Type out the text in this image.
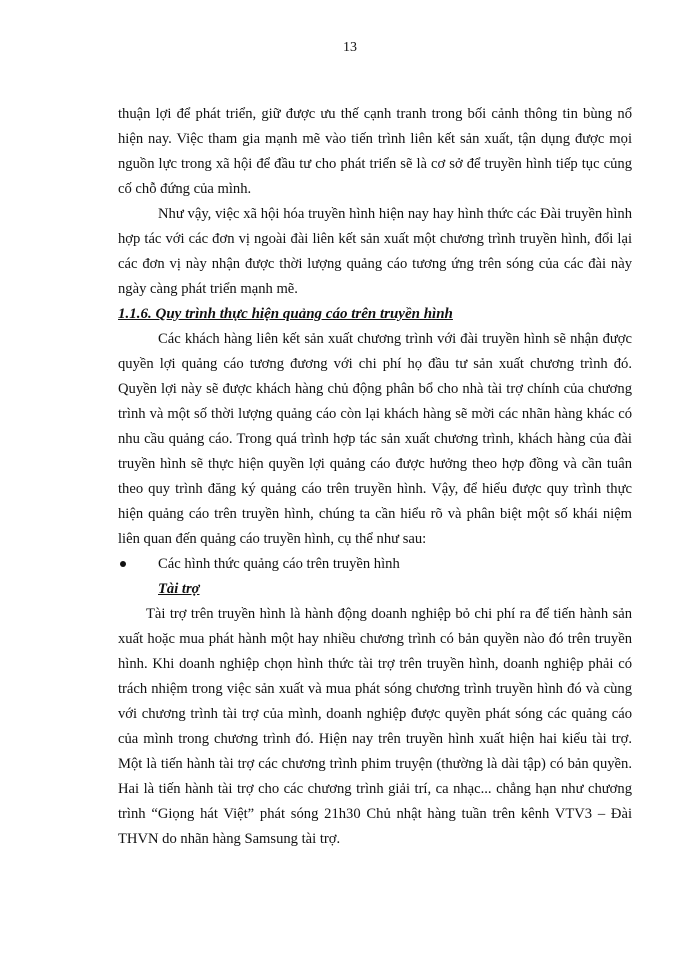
13

thuận lợi để phát triển, giữ được ưu thế cạnh tranh trong bối cảnh thông tin bùng nổ hiện nay. Việc tham gia mạnh mẽ vào tiến trình liên kết sản xuất, tận dụng được mọi nguồn lực trong xã hội để đầu tư cho phát triển sẽ là cơ sở để truyền hình tiếp tục củng cố chỗ đứng của mình.

Như vậy, việc xã hội hóa truyền hình hiện nay hay hình thức các Đài truyền hình hợp tác với các đơn vị ngoài đài liên kết sản xuất một chương trình truyền hình, đổi lại các đơn vị này nhận được thời lượng quảng cáo tương ứng trên sóng của các đài này ngày càng phát triển mạnh mẽ.

1.1.6. Quy trình thực hiện quảng cáo trên truyền hình

Các khách hàng liên kết sản xuất chương trình với đài truyền hình sẽ nhận được quyền lợi quảng cáo tương đương với chi phí họ đầu tư sản xuất chương trình đó. Quyền lợi này sẽ được khách hàng chủ động phân bổ cho nhà tài trợ chính của chương trình và một số thời lượng quảng cáo còn lại khách hàng sẽ mời các nhãn hàng khác có nhu cầu quảng cáo. Trong quá trình hợp tác sản xuất chương trình, khách hàng của đài truyền hình sẽ thực hiện quyền lợi quảng cáo được hưởng theo hợp đồng và cần tuân theo quy trình đăng ký quảng cáo trên truyền hình. Vậy, để hiểu được quy trình thực hiện quảng cáo trên truyền hình, chúng ta cần hiểu rõ và phân biệt một số khái niệm liên quan đến quảng cáo truyền hình, cụ thể như sau:

Các hình thức quảng cáo trên truyền hình
Tài trợ

Tài trợ trên truyền hình là hành động doanh nghiệp bỏ chi phí ra để tiến hành sản xuất hoặc mua phát hành một hay nhiều chương trình có bản quyền nào đó trên truyền hình. Khi doanh nghiệp chọn hình thức tài trợ trên truyền hình, doanh nghiệp phải có trách nhiệm trong việc sản xuất và mua phát sóng chương trình truyền hình đó và cùng với chương trình tài trợ của mình, doanh nghiệp được quyền phát sóng các quảng cáo của mình trong chương trình đó. Hiện nay trên truyền hình xuất hiện hai kiểu tài trợ. Một là tiến hành tài trợ các chương trình phim truyện (thường là dài tập) có bản quyền. Hai là tiến hành tài trợ cho các chương trình giải trí, ca nhạc... chẳng hạn như chương trình “Giọng hát Việt” phát sóng 21h30 Chủ nhật hàng tuần trên kênh VTV3 – Đài THVN do nhãn hàng Samsung tài trợ.
